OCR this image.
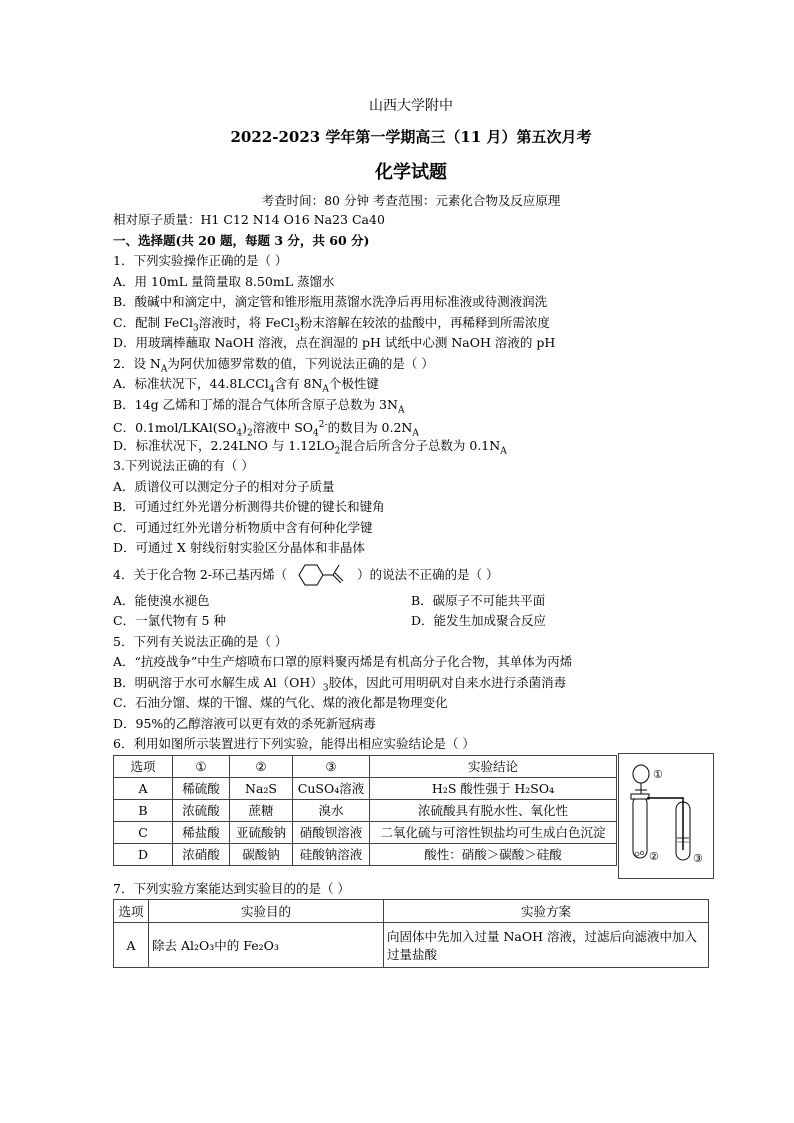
山西大学附中
2022-2023 学年第一学期高三（11 月）第五次月考
化学试题
考查时间：80 分钟 考查范围：元素化合物及反应原理
相对原子质量：H1 C12 N14 O16 Na23 Ca40
一、选择题(共 20 题，每题 3 分，共 60 分)
1．下列实验操作正确的是（ ）
A．用 10mL 量筒量取 8.50mL 蒸馏水
B．酸碱中和滴定中，滴定管和锥形瓶用蒸馏水洗净后再用标准液或待测液润洗
C．配制 FeCl$_3$溶液时，将 FeCl$_3$粉末溶解在较浓的盐酸中，再稀释到所需浓度
D．用玻璃棒蘸取 NaOH 溶液，点在润湿的 pH 试纸中心测 NaOH 溶液的 pH
2．设 $N_A$为阿伏加德罗常数的值，下列说法正确的是（ ）
A．标准状况下，44.8LCCl$_4$含有 $8N_A$个极性键
B．14g 乙烯和丁烯的混合气体所含原子总数为 $3N_A$
C．$0.1mol/LKAl(SO_4)_2$溶液中 $SO_4^{2-}$的数目为 $0.2N_A$
D．标准状况下，2.24LNO 与 $1.12LO_2$混合后所含分子总数为 $0.1N_A$
3.下列说法正确的有（ ）
A．质谱仪可以测定分子的相对分子质量
B．可通过红外光谱分析测得共价键的键长和键角
C．可通过红外光谱分析物质中含有何种化学键
D．可通过 X 射线衍射实验区分晶体和非晶体
4．关于化合物 2-环己基丙烯（	）的说法不正确的是（ ）
A．能使溴水褪色	B．碳原子不可能共平面
C．一氯代物有 5 种	D．能发生加成聚合反应
5．下列有关说法正确的是（ ）
A．“抗疫战争”中生产熔喷布口罩的原料聚丙烯是有机高分子化合物，其单体为丙烯
B．明矾溶于水可水解生成 $Al(OH)_3$胶体，因此可用明矾对自来水进行杀菌消毒
C．石油分馏、煤的干馏、煤的气化、煤的液化都是物理变化
D．95%的乙醇溶液可以更有效的杀死新冠病毒
6．利用如图所示装置进行下列实验，能得出相应实验结论是（ ）
选项	①	②	③	实验结论
A	稀硫酸	Na₂S	CuSO₄溶液	H₂S 酸性强于 H₂SO₄
B	浓硫酸	蔗糖	溴水	浓硫酸具有脱水性、氧化性
C	稀盐酸	亚硫酸钠	硝酸钡溶液	二氧化硫与可溶性钡盐均可生成白色沉淀
D	浓硝酸	碳酸钠	硅酸钠溶液	酸性：硝酸＞碳酸＞硅酸
①
②	③
7．下列实验方案能达到实验目的的是（ ）
选项	实验目的	实验方案
A	除去 Al₂O₃中的 Fe₂O₃	向固体中先加入过量 NaOH 溶液，过滤后向滤液中加入过量盐酸
